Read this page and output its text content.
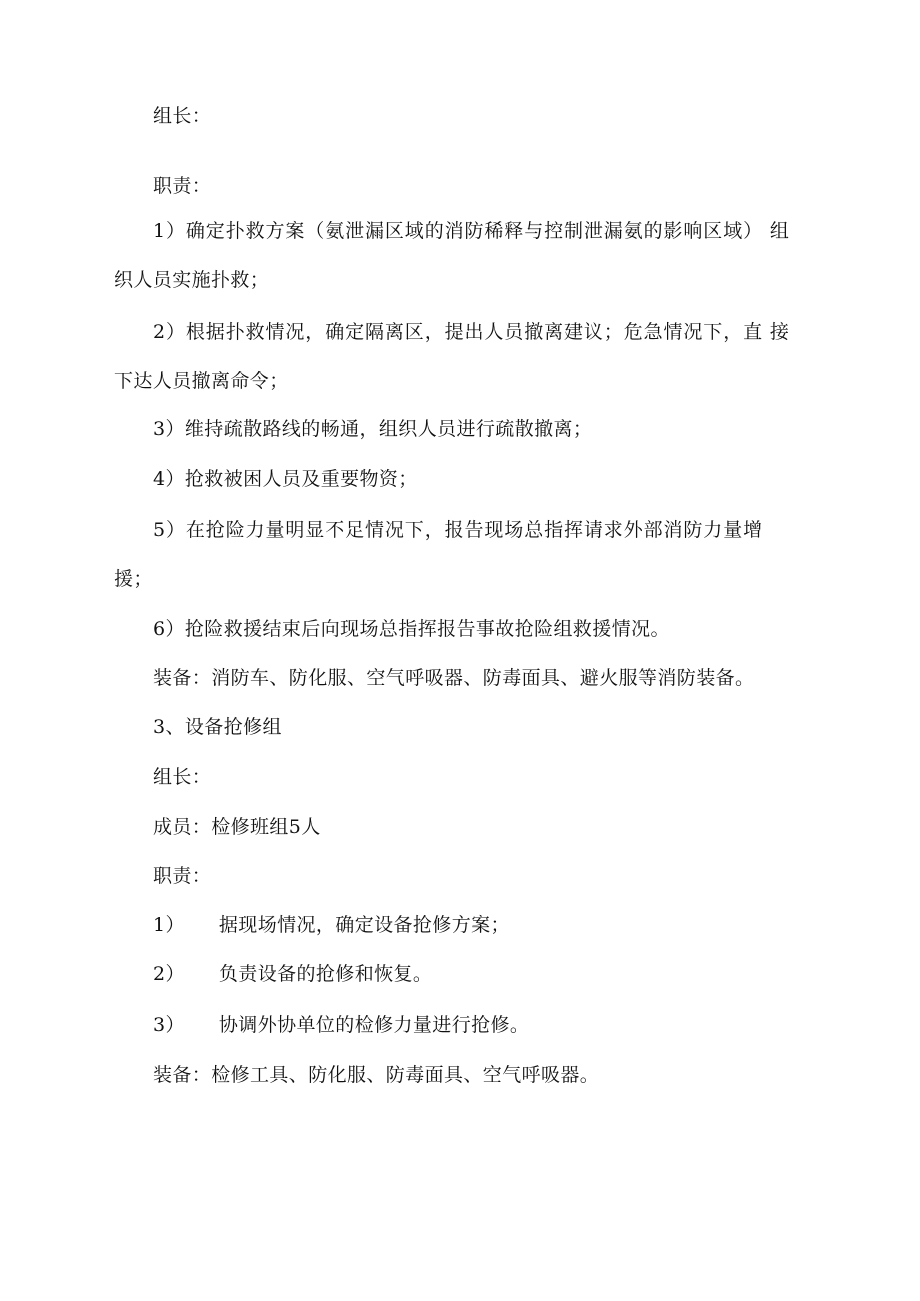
组长：

职责：

1）确定扑救方案（氨泄漏区域的消防稀释与控制泄漏氨的影响区域） 组

织人员实施扑救；

2）根据扑救情况，确定隔离区，提出人员撤离建议；危急情况下，直 接

下达人员撤离命令；

3）维持疏散路线的畅通，组织人员进行疏散撤离；

4）抢救被困人员及重要物资；

5）在抢险力量明显不足情况下，报告现场总指挥请求外部消防力量增

援；

6）抢险救援结束后向现场总指挥报告事故抢险组救援情况。

装备：消防车、防化服、空气呼吸器、防毒面具、避火服等消防装备。

3、设备抢修组

组长：

成员：检修班组5人

职责：

1） 据现场情况，确定设备抢修方案；

2） 负责设备的抢修和恢复。

3） 协调外协单位的检修力量进行抢修。

装备：检修工具、防化服、防毒面具、空气呼吸器。
